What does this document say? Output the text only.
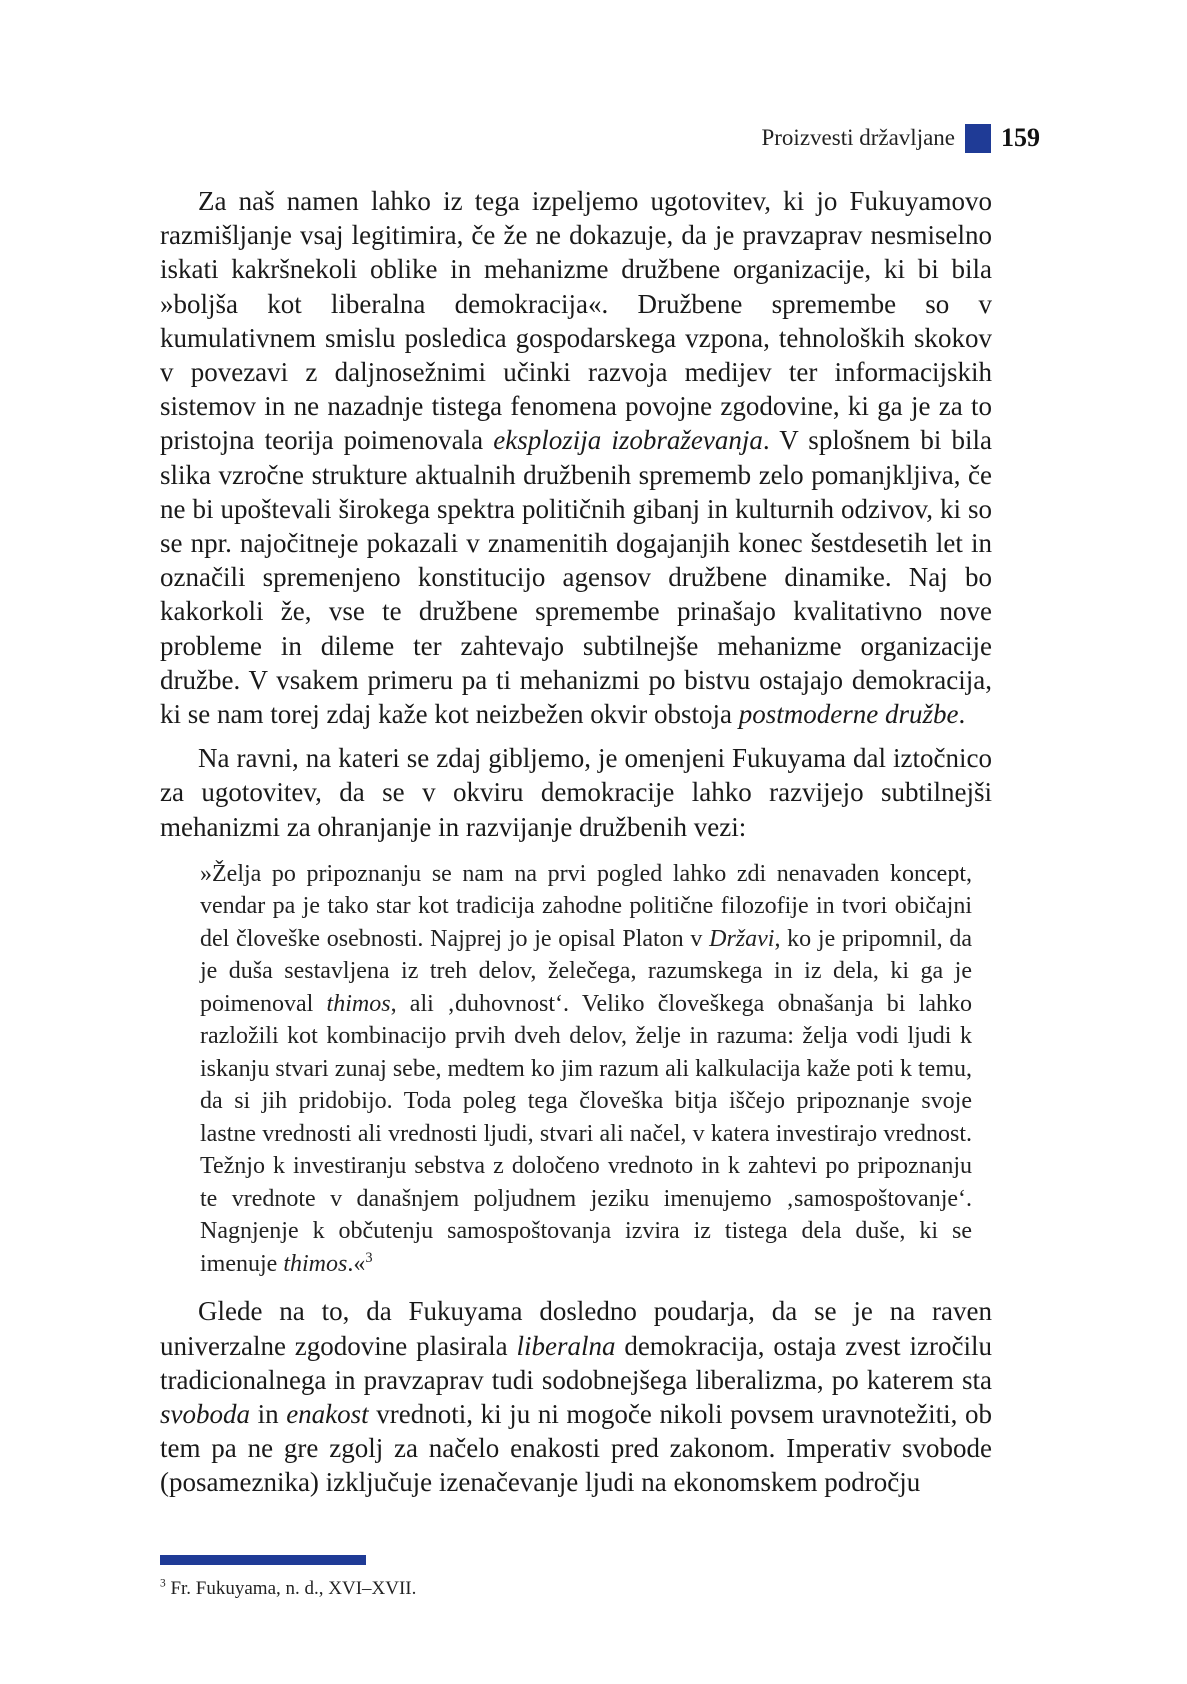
Proizvesti državljane 159

Za naš namen lahko iz tega izpeljemo ugotovitev, ki jo Fukuyamovo razmišljanje vsaj legitimira, če že ne dokazuje, da je pravzaprav nesmiselno iskati kakršnekoli oblike in mehanizme družbene organizacije, ki bi bila »boljša kot liberalna demokracija«. Družbene spremembe so v kumulativnem smislu posledica gospodarskega vzpona, tehnoloških skokov v povezavi z daljnosežnimi učinki razvoja medijev ter informacijskih sistemov in ne nazadnje tistega fenomena povojne zgodovine, ki ga je za to pristojna teorija poimenovala eksplozija izobraževanja. V splošnem bi bila slika vzročne strukture aktualnih družbenih sprememb zelo pomanjkljiva, če ne bi upoštevali širokega spektra političnih gibanj in kulturnih odzivov, ki so se npr. najočitneje pokazali v znamenitih dogajanjih konec šestdesetih let in označili spremenjeno konstitucijo agensov družbene dinamike. Naj bo kakorkoli že, vse te družbene spremembe prinašajo kvalitativno nove probleme in dileme ter zahtevajo subtilnejše mehanizme organizacije družbe. V vsakem primeru pa ti mehanizmi po bistvu ostajajo demokracija, ki se nam torej zdaj kaže kot neizbežen okvir obstoja postmoderne družbe.

Na ravni, na kateri se zdaj gibljemo, je omenjeni Fukuyama dal iztočnico za ugotovitev, da se v okviru demokracije lahko razvijejo subtilnejši mehanizmi za ohranjanje in razvijanje družbenih vezi:

»Želja po pripoznanju se nam na prvi pogled lahko zdi nenavaden koncept, vendar pa je tako star kot tradicija zahodne politične filozofije in tvori običajni del človeške osebnosti. Najprej jo je opisal Platon v Državi, ko je pripomnil, da je duša sestavljena iz treh delov, želečega, razumskega in iz dela, ki ga je poimenoval thimos, ali ‚duhovnost‘. Veliko človeškega obnašanja bi lahko razložili kot kombinacijo prvih dveh delov, želje in razuma: želja vodi ljudi k iskanju stvari zunaj sebe, medtem ko jim razum ali kalkulacija kaže poti k temu, da si jih pridobijo. Toda poleg tega človeška bitja iščejo pripoznanje svoje lastne vrednosti ali vrednosti ljudi, stvari ali načel, v katera investirajo vrednost. Težnjo k investiranju sebstva z določeno vrednoto in k zahtevi po pripoznanju te vrednote v današnjem poljudnem jeziku imenujemo ‚samospoštovanje‘. Nagnjenje k občutenju samospoštovanja izvira iz tistega dela duše, ki se imenuje thimos.«$^3$

Glede na to, da Fukuyama dosledno poudarja, da se je na raven univerzalne zgodovine plasirala liberalna demokracija, ostaja zvest izročilu tradicionalnega in pravzaprav tudi sodobnejšega liberalizma, po katerem sta svoboda in enakost vrednoti, ki ju ni mogoče nikoli povsem uravnotežiti, ob tem pa ne gre zgolj za načelo enakosti pred zakonom. Imperativ svobode (posameznika) izključuje izenačevanje ljudi na ekonomskem področju

$^3$ Fr. Fukuyama, n. d., XVI–XVII.
